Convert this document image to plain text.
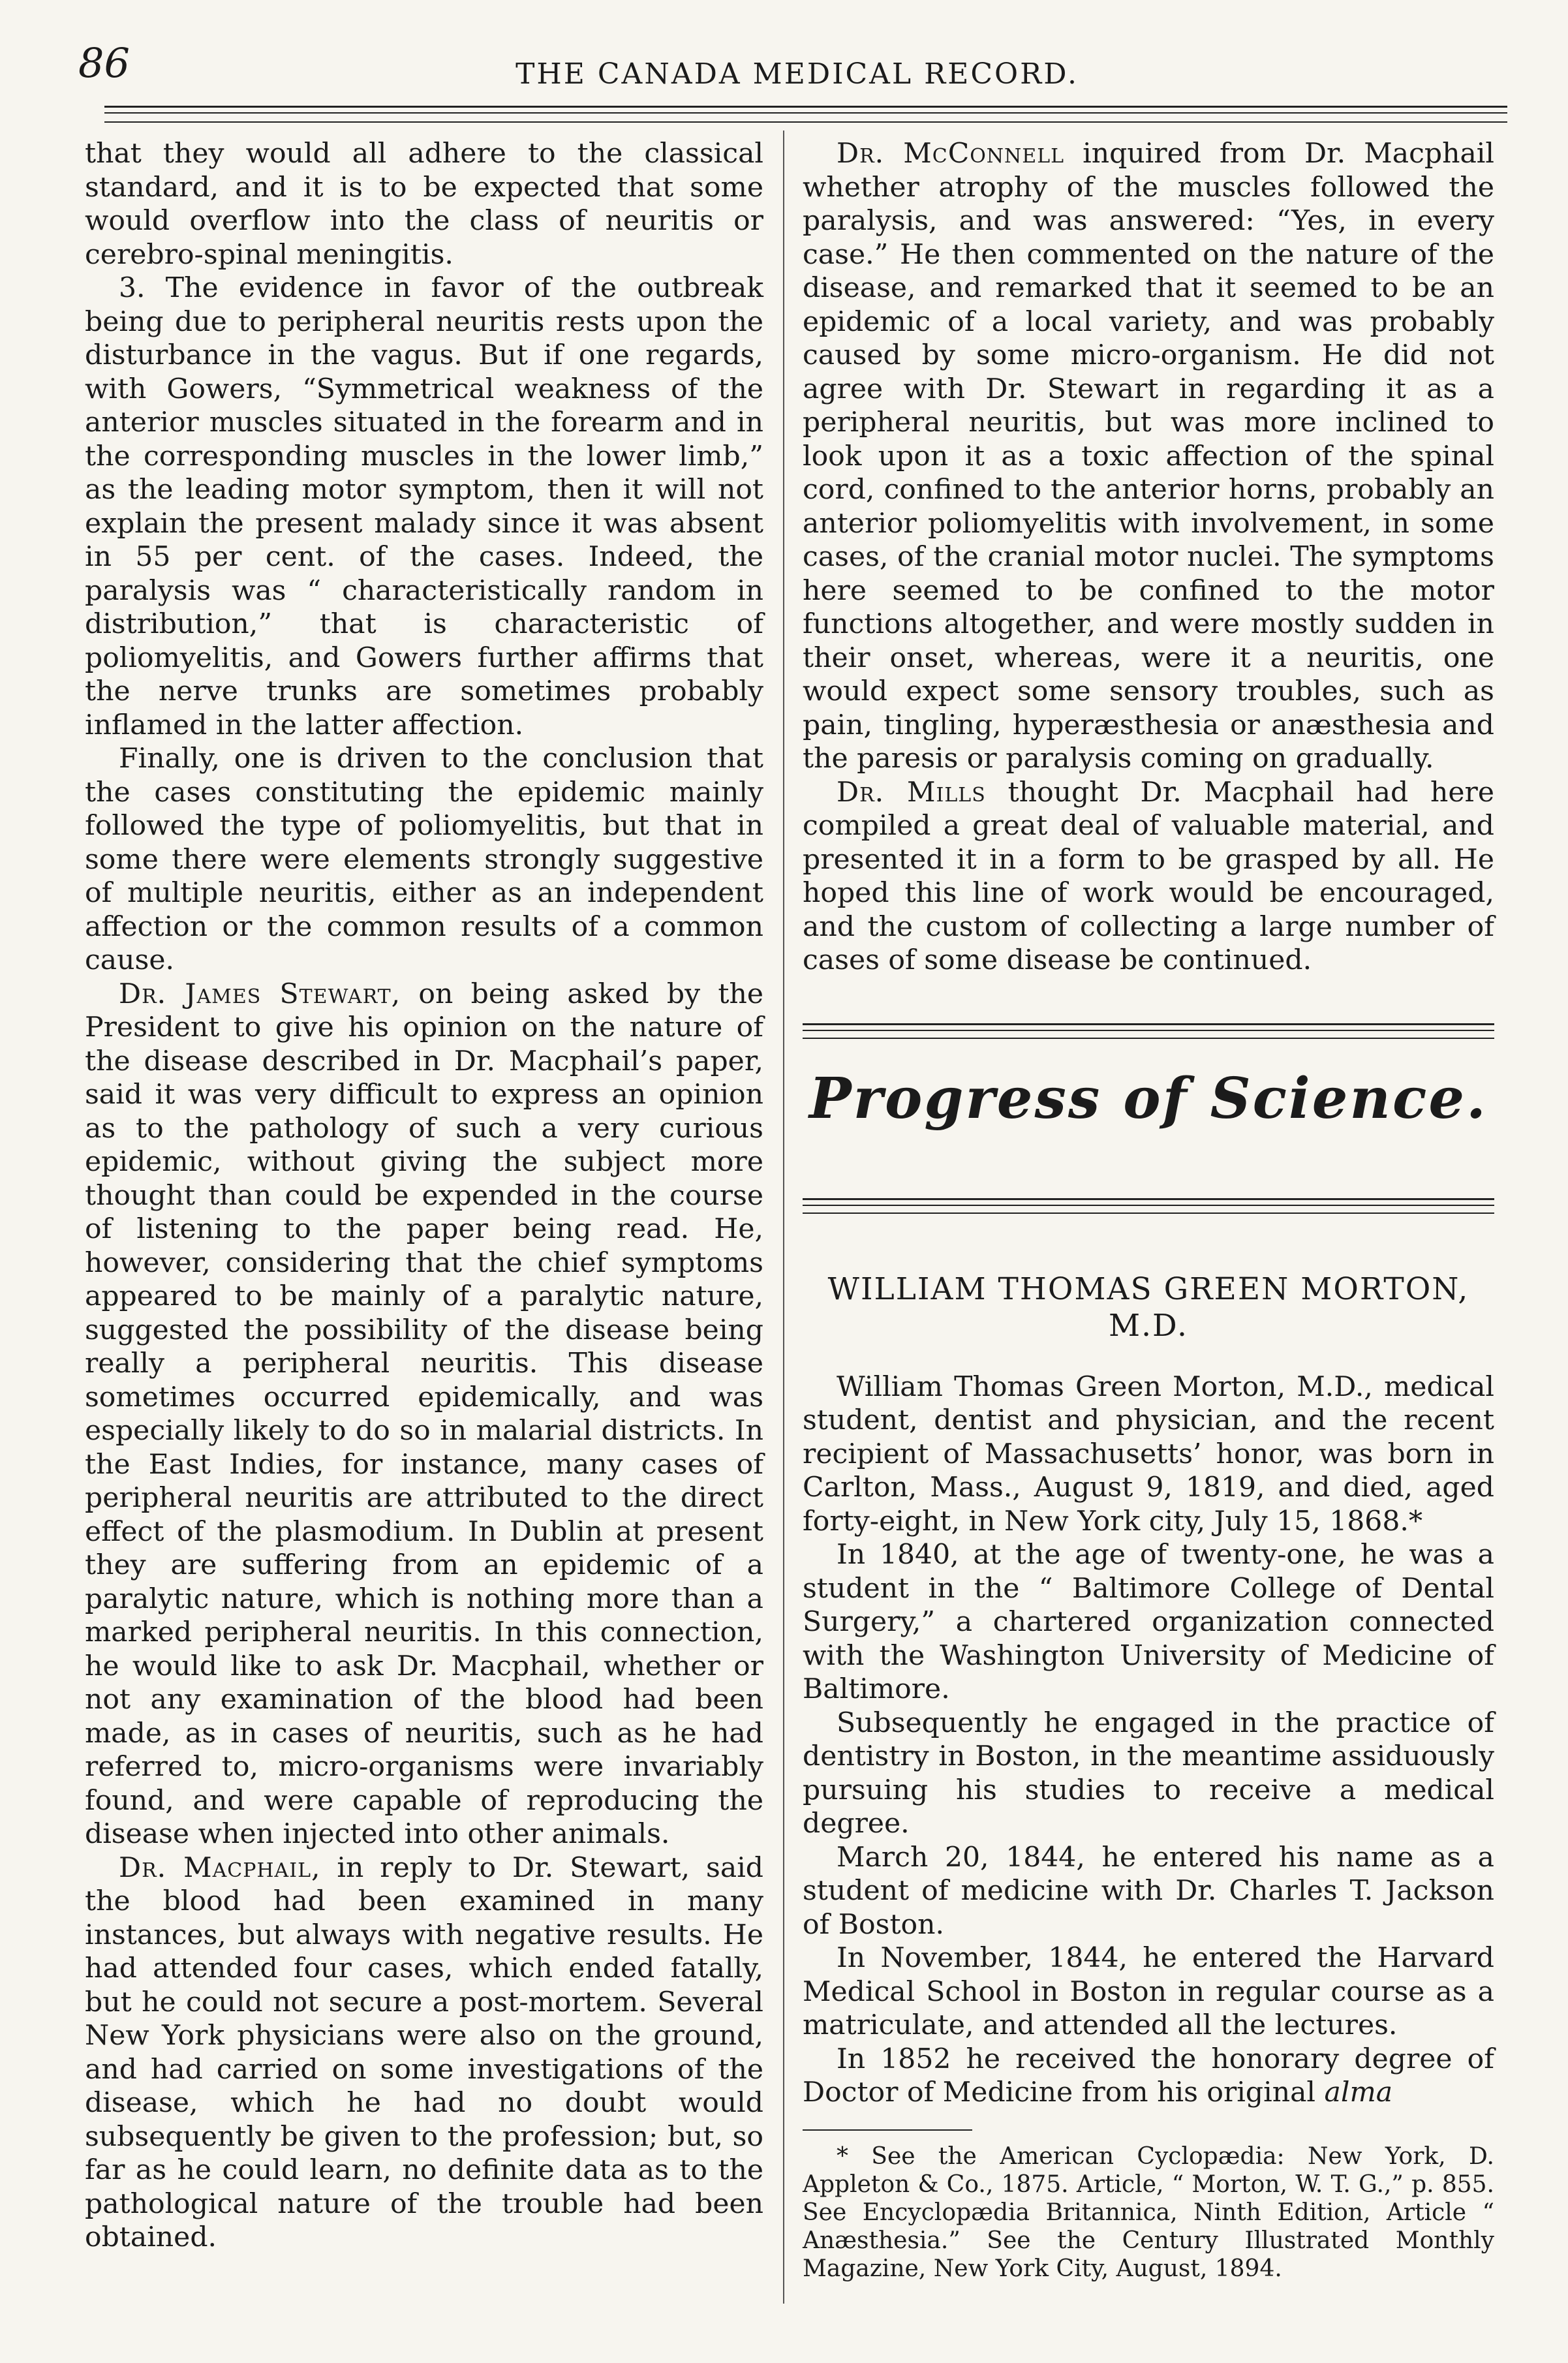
86	THE CANADA MEDICAL RECORD.

that they would all adhere to the classical standard, and it is to be expected that some would overflow into the class of neuritis or cerebro-spinal meningitis.

3. The evidence in favor of the outbreak being due to peripheral neuritis rests upon the disturbance in the vagus. But if one regards, with Gowers, “Symmetrical weakness of the anterior muscles situated in the forearm and in the corresponding muscles in the lower limb,” as the leading motor symptom, then it will not explain the present malady since it was absent in 55 per cent. of the cases. Indeed, the paralysis was “ characteristically random in distribution,” that is characteristic of poliomyelitis, and Gowers further affirms that the nerve trunks are sometimes probably inflamed in the latter affection.

Finally, one is driven to the conclusion that the cases constituting the epidemic mainly followed the type of poliomyelitis, but that in some there were elements strongly suggestive of multiple neuritis, either as an independent affection or the common results of a common cause.

Dr. James Stewart, on being asked by the President to give his opinion on the nature of the disease described in Dr. Macphail’s paper, said it was very difficult to express an opinion as to the pathology of such a very curious epidemic, without giving the subject more thought than could be expended in the course of listening to the paper being read. He, however, considering that the chief symptoms appeared to be mainly of a paralytic nature, suggested the possibility of the disease being really a peripheral neuritis. This disease sometimes occurred epidemically, and was especially likely to do so in malarial districts. In the East Indies, for instance, many cases of peripheral neuritis are attributed to the direct effect of the plasmodium. In Dublin at present they are suffering from an epidemic of a paralytic nature, which is nothing more than a marked peripheral neuritis. In this connection, he would like to ask Dr. Macphail, whether or not any examination of the blood had been made, as in cases of neuritis, such as he had referred to, micro-organisms were invariably found, and were capable of reproducing the disease when injected into other animals.

Dr. Macphail, in reply to Dr. Stewart, said the blood had been examined in many instances, but always with negative results. He had attended four cases, which ended fatally, but he could not secure a post-mortem. Several New York physicians were also on the ground, and had carried on some investigations of the disease, which he had no doubt would subsequently be given to the profession; but, so far as he could learn, no definite data as to the pathological nature of the trouble had been obtained.

Dr. McConnell inquired from Dr. Macphail whether atrophy of the muscles followed the paralysis, and was answered: “Yes, in every case.” He then commented on the nature of the disease, and remarked that it seemed to be an epidemic of a local variety, and was probably caused by some micro-organism. He did not agree with Dr. Stewart in regarding it as a peripheral neuritis, but was more inclined to look upon it as a toxic affection of the spinal cord, confined to the anterior horns, probably an anterior poliomyelitis with involvement, in some cases, of the cranial motor nuclei. The symptoms here seemed to be confined to the motor functions altogether, and were mostly sudden in their onset, whereas, were it a neuritis, one would expect some sensory troubles, such as pain, tingling, hyperæsthesia or anæsthesia and the paresis or paralysis coming on gradually.

Dr. Mills thought Dr. Macphail had here compiled a great deal of valuable material, and presented it in a form to be grasped by all. He hoped this line of work would be encouraged, and the custom of collecting a large number of cases of some disease be continued.

Progress of Science.
WILLIAM THOMAS GREEN MORTON, M.D.

William Thomas Green Morton, M.D., medical student, dentist and physician, and the recent recipient of Massachusetts’ honor, was born in Carlton, Mass., August 9, 1819, and died, aged forty-eight, in New York city, July 15, 1868.*

In 1840, at the age of twenty-one, he was a student in the “ Baltimore College of Dental Surgery,” a chartered organization connected with the Washington University of Medicine of Baltimore.

Subsequently he engaged in the practice of dentistry in Boston, in the meantime assiduously pursuing his studies to receive a medical degree.

March 20, 1844, he entered his name as a student of medicine with Dr. Charles T. Jackson of Boston.

In November, 1844, he entered the Harvard Medical School in Boston in regular course as a matriculate, and attended all the lectures.

In 1852 he received the honorary degree of Doctor of Medicine from his original alma

* See the American Cyclopædia: New York, D. Appleton & Co., 1875. Article, “ Morton, W. T. G.,” p. 855. See Encyclopædia Britannica, Ninth Edition, Article “ Anæsthesia.” See the Century Illustrated Monthly Magazine, New York City, August, 1894.
